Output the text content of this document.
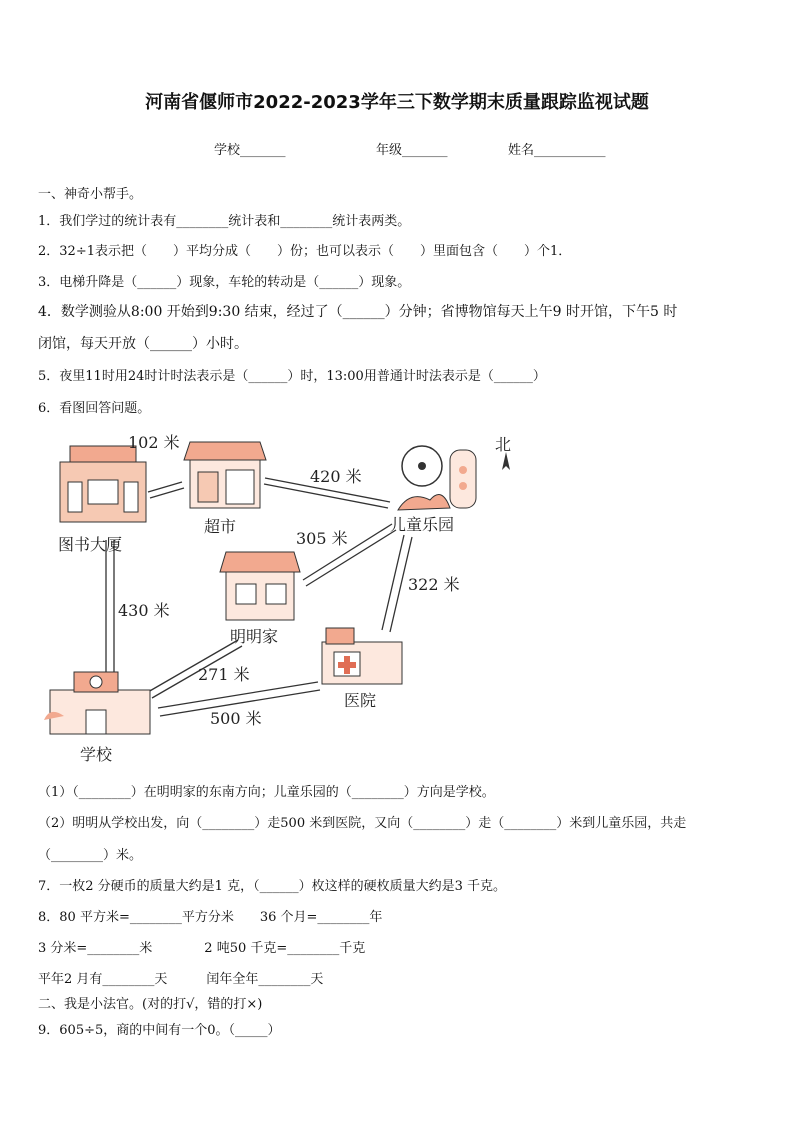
河南省偃师市2022-2023学年三下数学期末质量跟踪监视试题
学校_______	年级_______	姓名___________
一、神奇小帮手。
1．我们学过的统计表有________统计表和________统计表两类。
2．32÷1表示把（　　）平均分成（　　）份；也可以表示（　　）里面包含（　　）个1．
3．电梯升降是（______）现象，车轮的转动是（______）现象。
4．数学测验从8:00 开始到9:30 结束，经过了（______）分钟；省博物馆每天上午9 时开馆，下午5 时
闭馆，每天开放（______）小时。
5．夜里11时用24时计时法表示是（______）时，13:00用普通计时法表示是（______）
6．看图回答问题。
图书大厦
超市	儿童乐园
明明家
医院
学校
北
102 米
420 米
305 米
322 米
430 米
271 米
500 米
（1）（________）在明明家的东南方向；儿童乐园的（________）方向是学校。
（2）明明从学校出发，向（________）走500 米到医院，又向（________）走（________）米到儿童乐园，共走
（________）米。
7．一枚2 分硬币的质量大约是1 克，（______）枚这样的硬枚质量大约是3 千克。
8．80 平方米=________平方分米　　36 个月=________年
3 分米=________米　　　　2 吨50 千克=________千克
平年2 月有________天　　　闰年全年________天
二、我是小法官。(对的打√，错的打×)
9．605÷5，商的中间有一个0。（_____）
